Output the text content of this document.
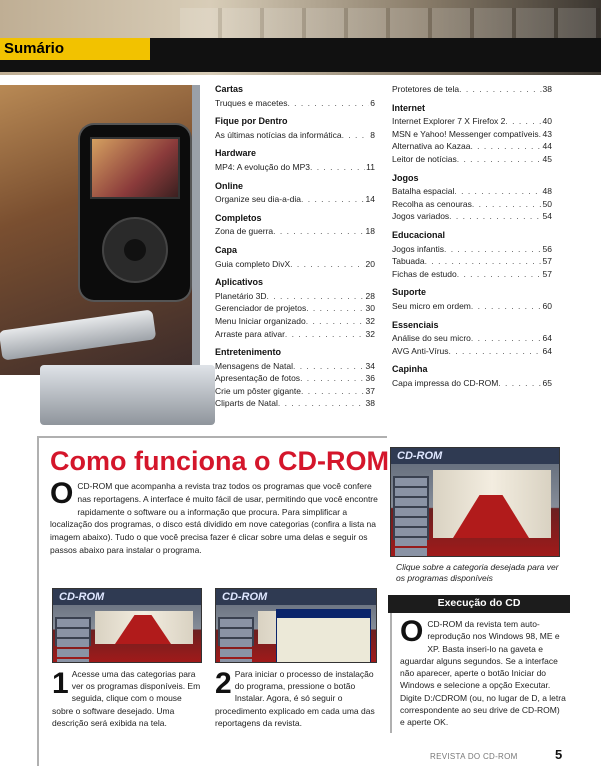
Sumário
Cartas
Truques e macetes . . .	6
Fique por Dentro
As últimas notícias da informática . . .	8
Hardware
MP4: A evolução do MP3 . . .	11
Online
Organize seu dia-a-dia . . .	14
Completos
Zona de guerra . . .	18
Capa
Guia completo DivX . . .	20
Aplicativos
Planetário 3D . . .	28
Gerenciador de projetos . . .	30
Menu Iniciar organizado . . .	32
Arraste para ativar . . .	32
Entretenimento
Mensagens de Natal . . .	34
Apresentação de fotos . . .	36
Crie um pôster gigante . . .	37
Cliparts de Natal . . .	38
Protetores de tela . . .	38
Internet
Internet Explorer 7 X Firefox 2 . . .	40
MSN e Yahoo! Messenger compatíveis . . . 43
Alternativa ao Kazaa . . .	44
Leitor de notícias . . .	45
Jogos
Batalha espacial . . .	48
Recolha as cenouras . . .	50
Jogos variados . . .	54
Educacional
Jogos infantis . . .	56
Tabuada . . .	57
Fichas de estudo . . .	57
Suporte
Seu micro em ordem . . .	60
Essenciais
Análise do seu micro . . .	64
AVG Anti-Vírus . . .	64
Capinha
Capa impressa do CD-ROM . . .	65
Como funciona o CD-ROM
O CD-ROM que acompanha a revista traz todos os programas que você confere nas reportagens. A interface é muito fácil de usar, permitindo que você encontre rapidamente o software ou a informação que procura. Para simplificar a localização dos programas, o disco está dividido em nove categorias (confira a lista na imagem abaixo). Tudo o que você precisa fazer é clicar sobre uma delas e seguir os passos abaixo para instalar o programa.
CD-ROM
Clique sobre a categoria desejada para ver os programas disponíveis
CD-ROM	CD-ROM
1 Acesse uma das categorias para ver os programas disponíveis. Em seguida, clique com o mouse sobre o software desejado. Uma descrição será exibida na tela.
2 Para iniciar o processo de instalação do programa, pressione o botão Instalar. Agora, é só seguir o procedimento explicado em cada uma das reportagens da revista.
Execução do CD
O CD-ROM da revista tem auto-reprodução nos Windows 98, ME e XP. Basta inseri-lo na gaveta e aguardar alguns segundos. Se a interface não aparecer, aperte o botão Iniciar do Windows e selecione a opção Executar. Digite D:/CDROM (ou, no lugar de D, a letra correspondente ao seu drive de CD-ROM) e aperte OK.
REVISTA DO CD-ROM	5
